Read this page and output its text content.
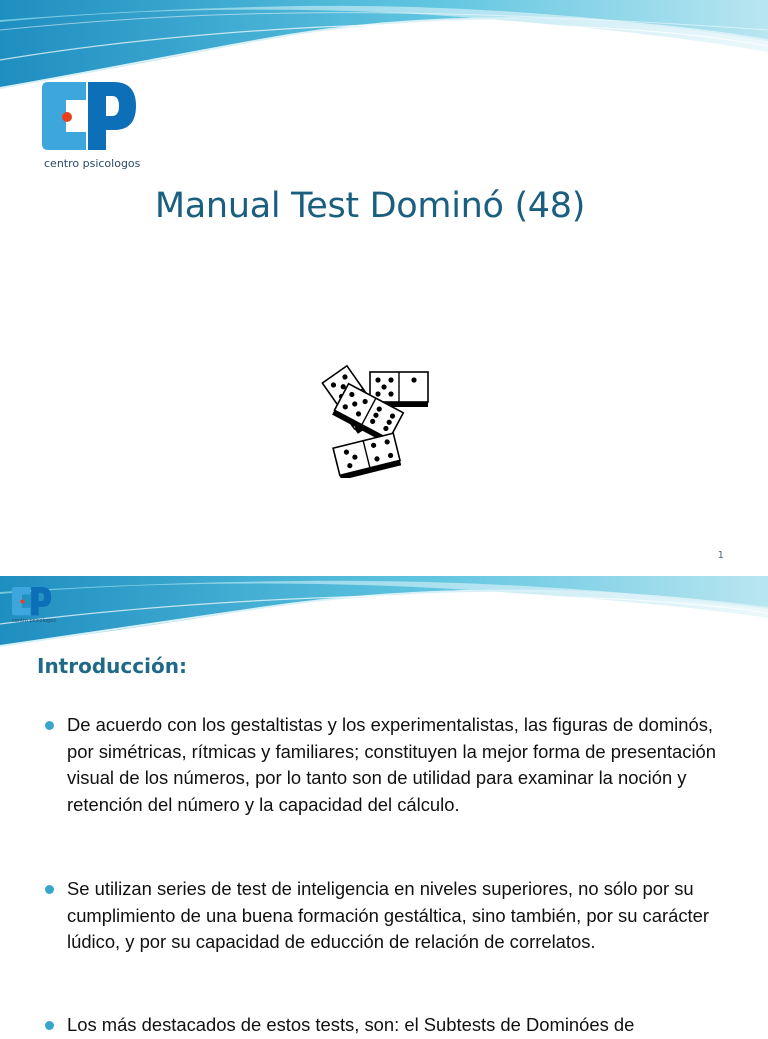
centro psicologos
Manual Test Dominó (48)
1
centro psicologos
Introducción:
De acuerdo con los gestaltistas y los experimentalistas, las figuras de dominós, por simétricas, rítmicas y familiares; constituyen la mejor forma de presentación visual de los números, por lo tanto son de utilidad para examinar la noción y retención del número y la capacidad del cálculo.
Se utilizan series de test de inteligencia en niveles superiores, no sólo por su cumplimiento de una buena formación gestáltica, sino también, por su carácter lúdico, y por su capacidad de educción de relación de correlatos.
Los más destacados de estos tests, son: el Subtests de Dominóes de
